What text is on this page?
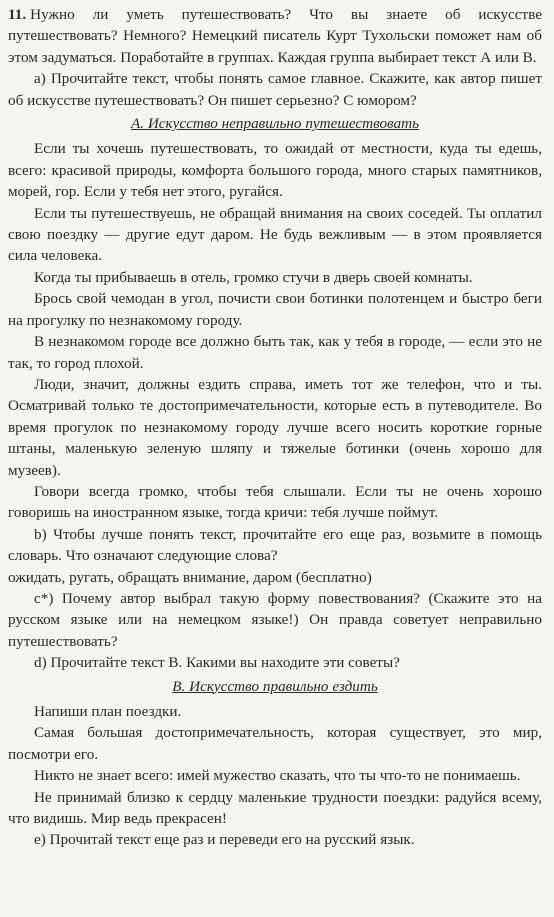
11. Нужно ли уметь путешествовать? Что вы знаете об искусстве путешествовать? Немного? Немецкий писатель Курт Тухольски поможет нам об этом задуматься. Поработайте в группах. Каждая группа выбирает текст А или В.

а) Прочитайте текст, чтобы понять самое главное. Скажите, как автор пишет об искусстве путешествовать? Он пишет серьезно? С юмором?

А. Искусство неправильно путешествовать

Если ты хочешь путешествовать, то ожидай от местности, куда ты едешь, всего: красивой природы, комфорта большого города, много старых памятников, морей, гор. Если у тебя нет этого, ругайся.

Если ты путешествуешь, не обращай внимания на своих соседей. Ты оплатил свою поездку — другие едут даром. Не будь вежливым — в этом проявляется сила человека.

Когда ты прибываешь в отель, громко стучи в дверь своей комнаты.

Брось свой чемодан в угол, почисти свои ботинки полотенцем и быстро беги на прогулку по незнакомому городу.

В незнакомом городе все должно быть так, как у тебя в городе, — если это не так, то город плохой.

Люди, значит, должны ездить справа, иметь тот же телефон, что и ты. Осматривай только те достопримечательности, которые есть в путеводителе. Во время прогулок по незнакомому городу лучше всего носить короткие горные штаны, маленькую зеленую шляпу и тяжелые ботинки (очень хорошо для музеев).

Говори всегда громко, чтобы тебя слышали. Если ты не очень хорошо говоришь на иностранном языке, тогда кричи: тебя лучше поймут.

b) Чтобы лучше понять текст, прочитайте его еще раз, возьмите в помощь словарь. Что означают следующие слова?

ожидать, ругать, обращать внимание, даром (бесплатно)

c*) Почему автор выбрал такую форму повествования? (Скажите это на русском языке или на немецком языке!) Он правда советует неправильно путешествовать?

d) Прочитайте текст В. Какими вы находите эти советы?

В. Искусство правильно ездить

Напиши план поездки.

Самая большая достопримечательность, которая существует, это мир, посмотри его.

Никто не знает всего: имей мужество сказать, что ты что-то не понимаешь.

Не принимай близко к сердцу маленькие трудности поездки: радуйся всему, что видишь. Мир ведь прекрасен!

е) Прочитай текст еще раз и переведи его на русский язык.
